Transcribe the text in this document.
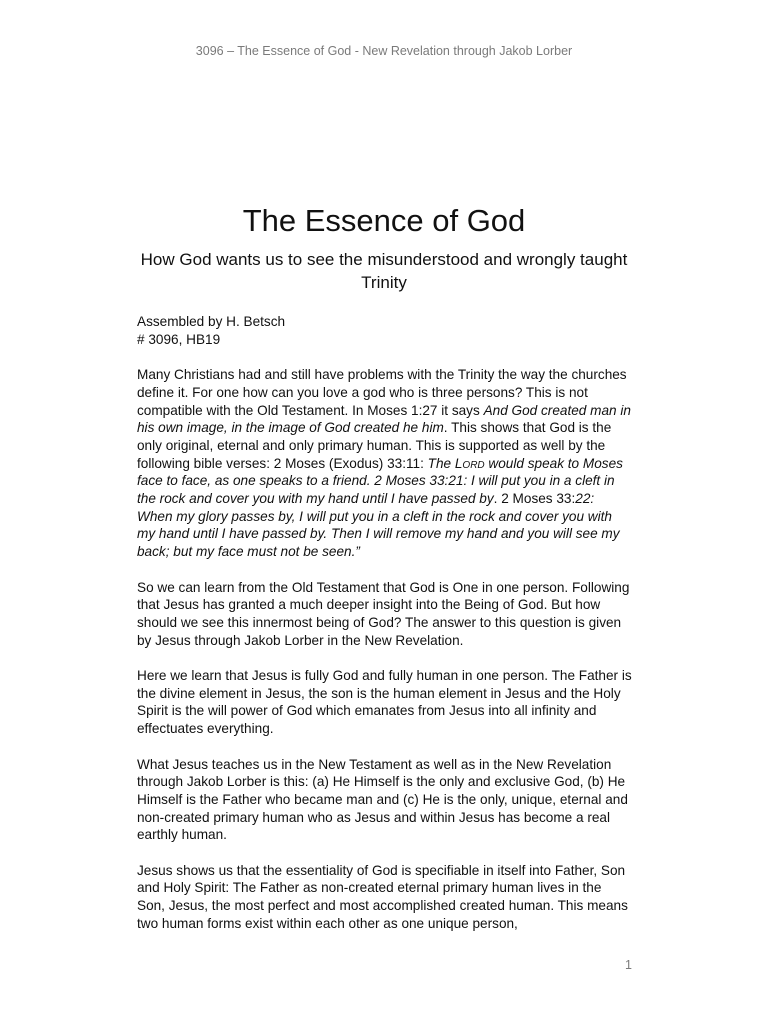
3096 – The Essence of God - New Revelation through Jakob Lorber
The Essence of God
How God wants us to see the misunderstood and wrongly taught Trinity

Assembled by H. Betsch

# 3096, HB19

Many Christians had and still have problems with the Trinity the way the churches define it. For one how can you love a god who is three persons? This is not compatible with the Old Testament. In Moses 1:27 it says And God created man in his own image, in the image of God created he him. This shows that God is the only original, eternal and only primary human. This is supported as well by the following bible verses: 2 Moses (Exodus) 33:11: The Lord would speak to Moses face to face, as one speaks to a friend. 2 Moses 33:21: I will put you in a cleft in the rock and cover you with my hand until I have passed by. 2 Moses 33:22: When my glory passes by, I will put you in a cleft in the rock and cover you with my hand until I have passed by. Then I will remove my hand and you will see my back; but my face must not be seen.”

So we can learn from the Old Testament that God is One in one person. Following that Jesus has granted a much deeper insight into the Being of God. But how should we see this innermost being of God? The answer to this question is given by Jesus through Jakob Lorber in the New Revelation.

Here we learn that Jesus is fully God and fully human in one person. The Father is the divine element in Jesus, the son is the human element in Jesus and the Holy Spirit is the will power of God which emanates from Jesus into all infinity and effectuates everything.

What Jesus teaches us in the New Testament as well as in the New Revelation through Jakob Lorber is this: (a) He Himself is the only and exclusive God, (b) He Himself is the Father who became man and (c) He is the only, unique, eternal and non-created primary human who as Jesus and within Jesus has become a real earthly human.

Jesus shows us that the essentiality of God is specifiable in itself into Father, Son and Holy Spirit: The Father as non-created eternal primary human lives in the Son, Jesus, the most perfect and most accomplished created human. This means two human forms exist within each other as one unique person,

1
